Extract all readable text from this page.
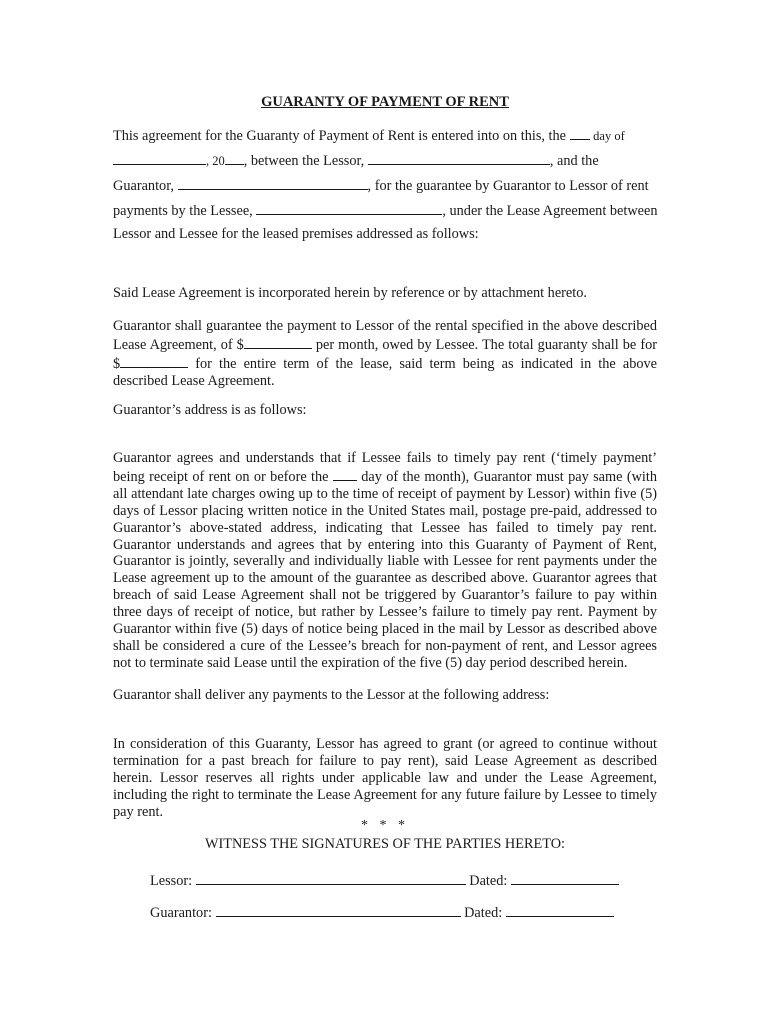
GUARANTY OF PAYMENT OF RENT
This agreement for the Guaranty of Payment of Rent is entered into on this, the day of
, 20 , between the Lessor,	, and the
Guarantor,	, for the guarantee by Guarantor to Lessor of rent
payments by the Lessee,	, under the Lease Agreement between
Lessor and Lessee for the leased premises addressed as follows:
Said Lease Agreement is incorporated herein by reference or by attachment hereto.

Guarantor shall guarantee the payment to Lessor of the rental specified in the above described Lease Agreement, of $	per month, owed by Lessee. The total guaranty shall be for $	for the entire term of the lease, said term being as indicated in the above described Lease Agreement.

Guarantor’s address is as follows:

Guarantor agrees and understands that if Lessee fails to timely pay rent (‘timely payment’ being receipt of rent on or before the day of the month), Guarantor must pay same (with all attendant late charges owing up to the time of receipt of payment by Lessor) within five (5) days of Lessor placing written notice in the United States mail, postage pre-paid, addressed to Guarantor’s above-stated address, indicating that Lessee has failed to timely pay rent. Guarantor understands and agrees that by entering into this Guaranty of Payment of Rent, Guarantor is jointly, severally and individually liable with Lessee for rent payments under the Lease agreement up to the amount of the guarantee as described above. Guarantor agrees that breach of said Lease Agreement shall not be triggered by Guarantor’s failure to pay within three days of receipt of notice, but rather by Lessee’s failure to timely pay rent. Payment by Guarantor within five (5) days of notice being placed in the mail by Lessor as described above shall be considered a cure of the Lessee’s breach for non-payment of rent, and Lessor agrees not to terminate said Lease until the expiration of the five (5) day period described herein.

Guarantor shall deliver any payments to the Lessor at the following address:

In consideration of this Guaranty, Lessor has agreed to grant (or agreed to continue without termination for a past breach for failure to pay rent), said Lease Agreement as described herein. Lessor reserves all rights under applicable law and under the Lease Agreement, including the right to terminate the Lease Agreement for any future failure by Lessee to timely pay rent.

* * *
WITNESS THE SIGNATURES OF THE PARTIES HERETO:
Lessor:	Dated:
Guarantor:	Dated:
